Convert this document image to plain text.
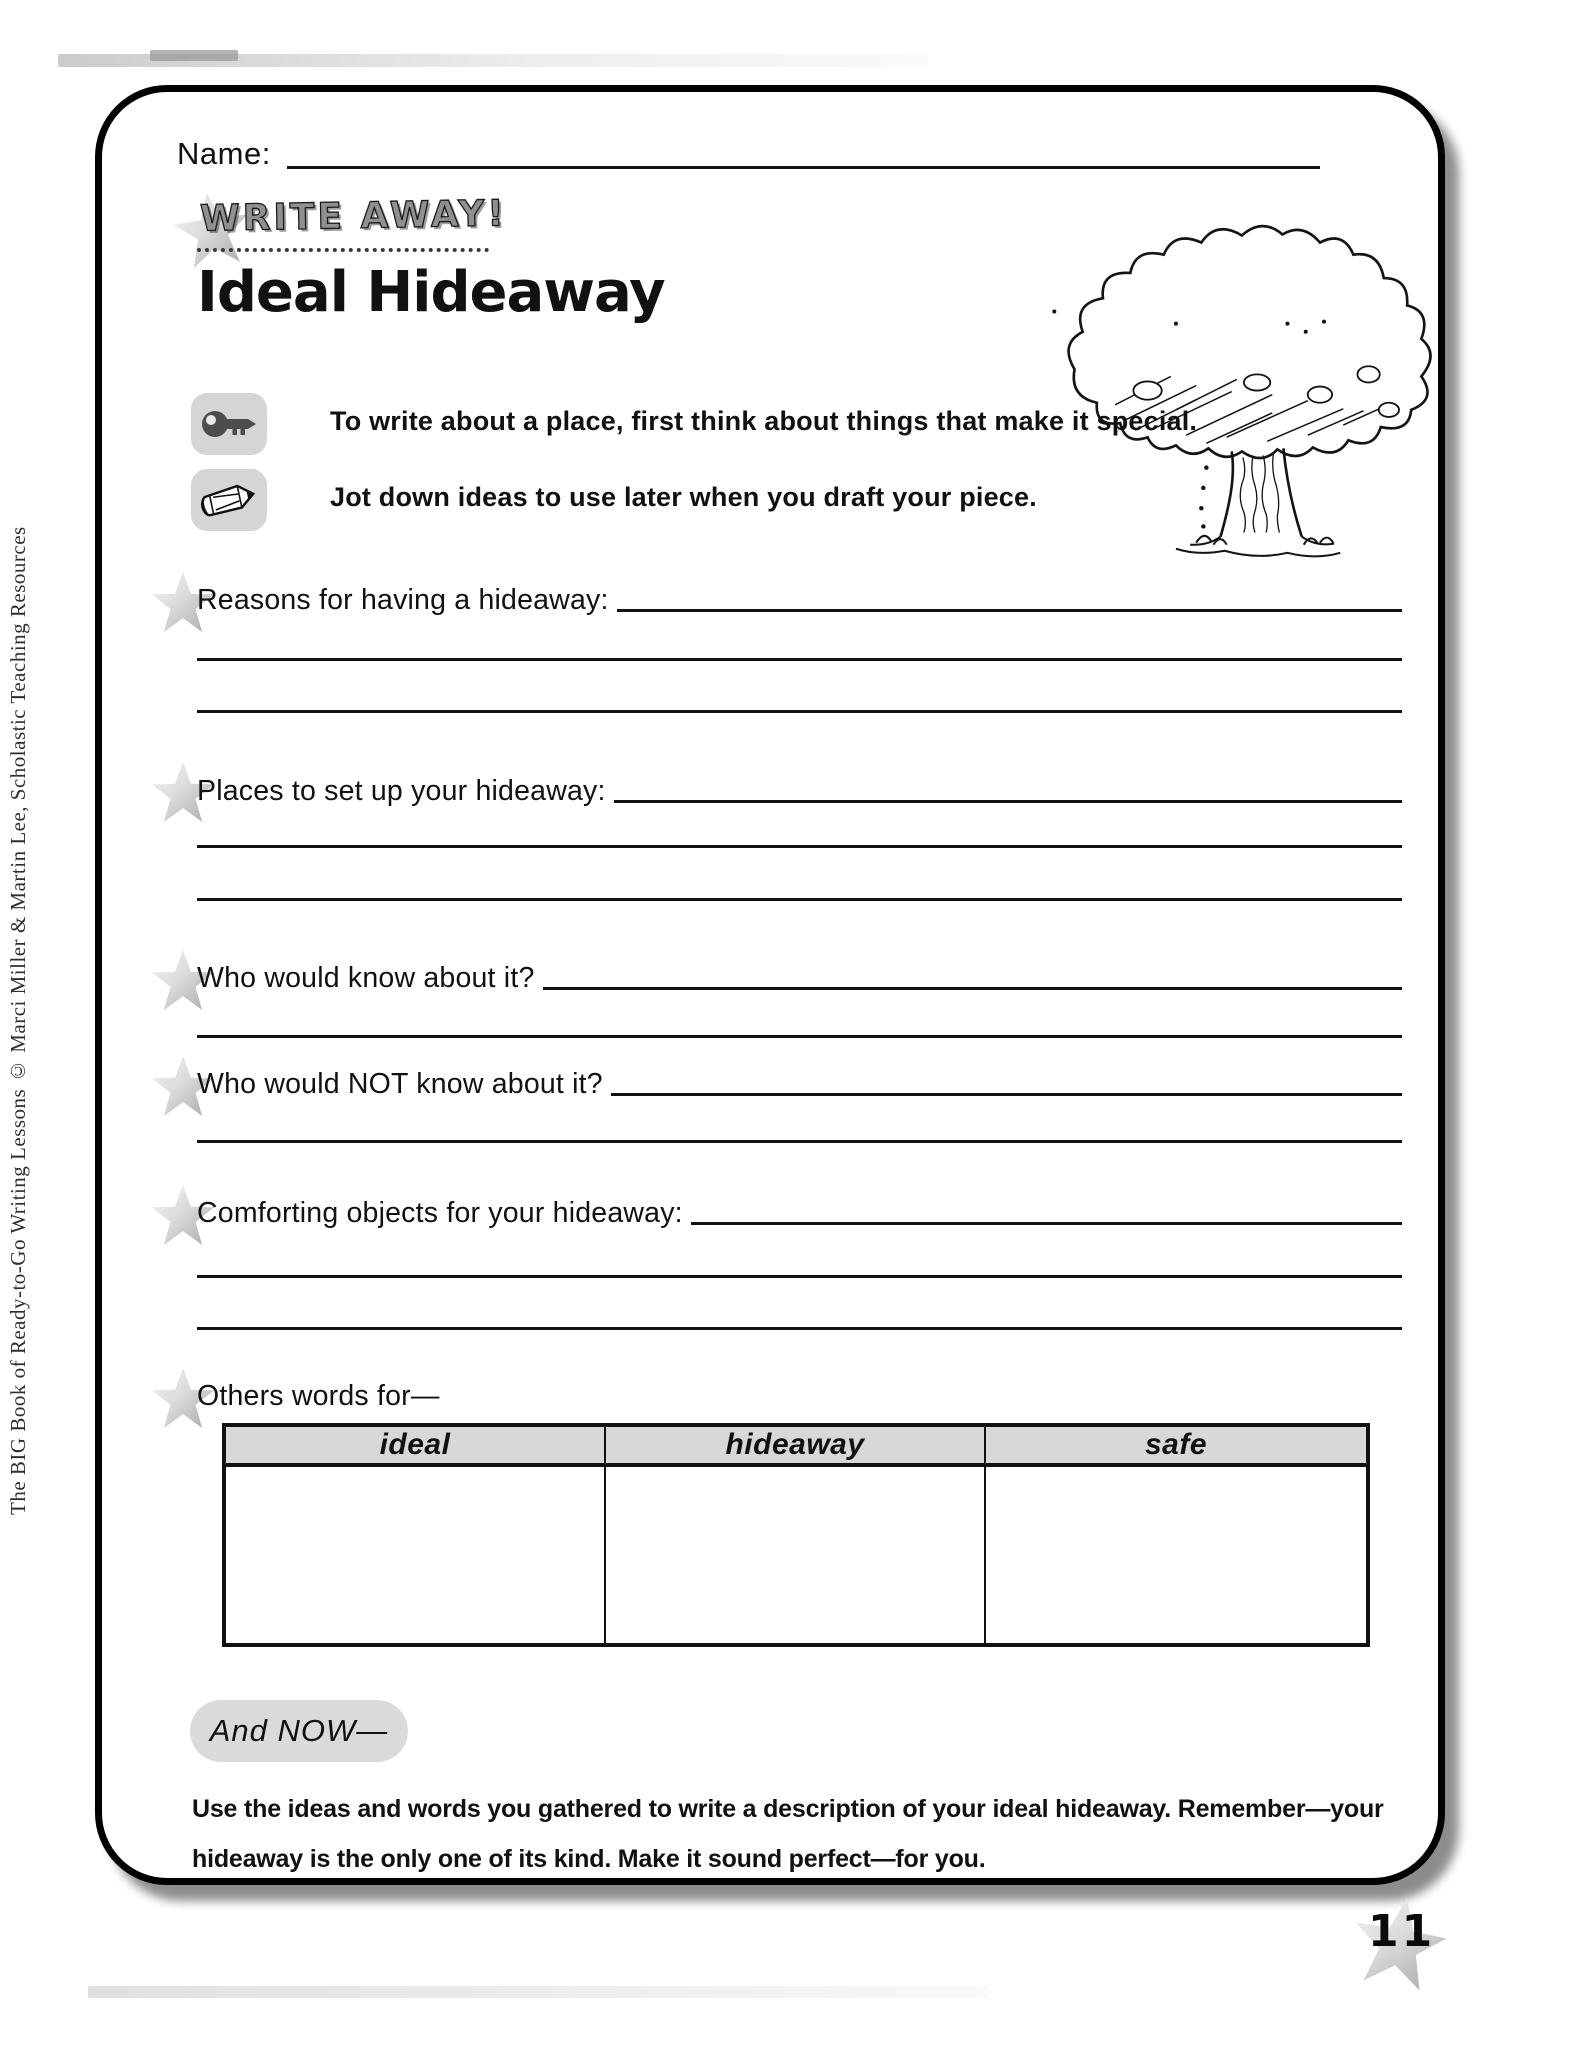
The BIG Book of Ready-to-Go Writing Lessons © Marci Miller & Martin Lee, Scholastic Teaching Resources
Name:
WRITE AWAY!
Ideal Hideaway
To write about a place, first think about things that make it special.
Jot down ideas to use later when you draft your piece.
Reasons for having a hideaway:
Places to set up your hideaway:
Who would know about it?
Who would NOT know about it?
Comforting objects for your hideaway:
Others words for—
ideal	hideaway	safe
And NOW—
Use the ideas and words you gathered to write a description of your ideal hideaway. Remember—your
hideaway is the only one of its kind. Make it sound perfect—for you.
11
